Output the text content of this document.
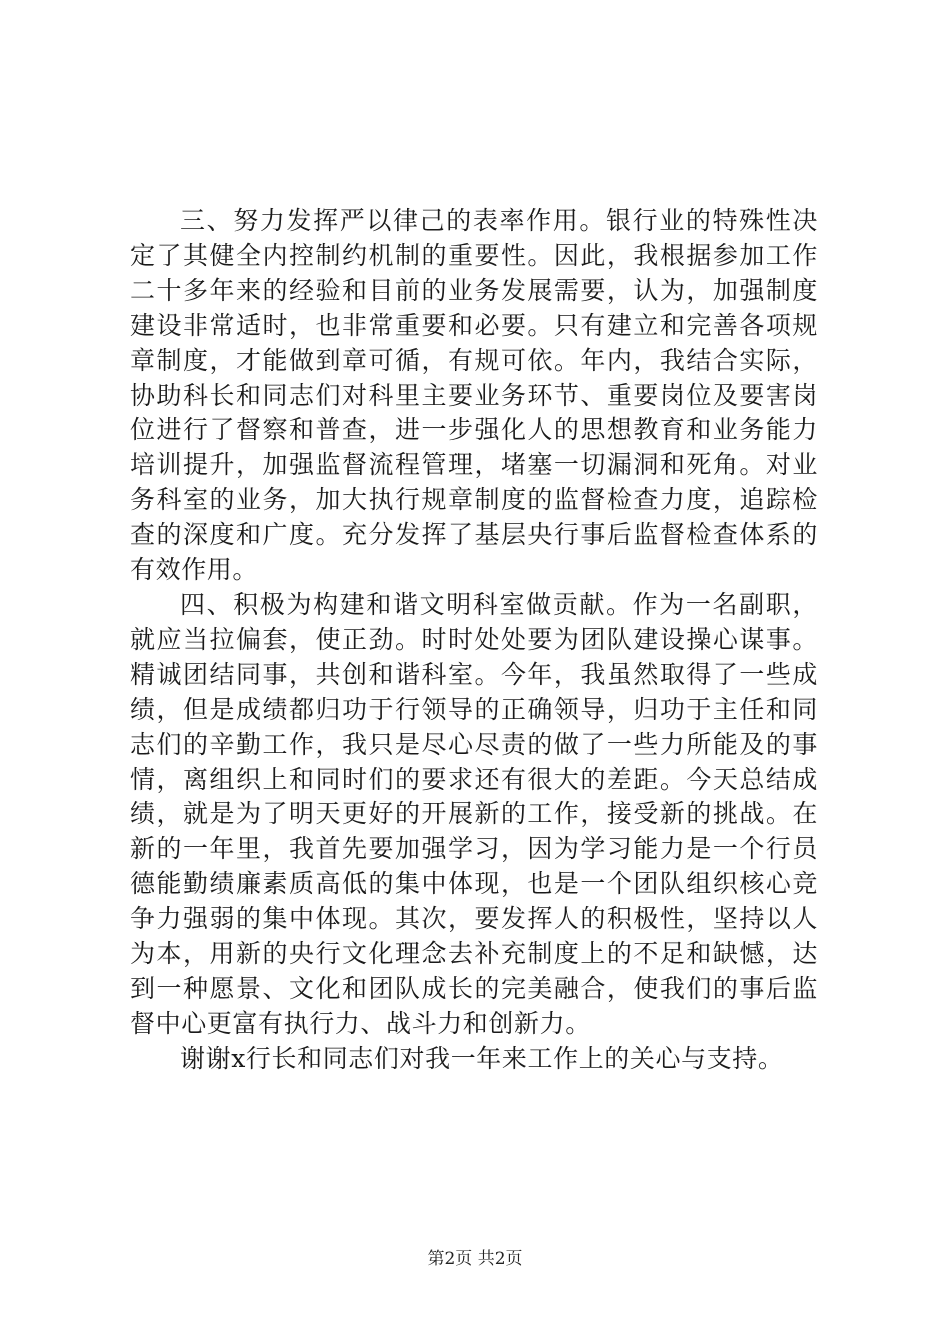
三、努力发挥严以律己的表率作用。银行业的特殊性决定了其健全内控制约机制的重要性。因此，我根据参加工作二十多年来的经验和目前的业务发展需要，认为，加强制度建设非常适时，也非常重要和必要。只有建立和完善各项规章制度，才能做到章可循，有规可依。年内，我结合实际，协助科长和同志们对科里主要业务环节、重要岗位及要害岗位进行了督察和普查，进一步强化人的思想教育和业务能力培训提升，加强监督流程管理，堵塞一切漏洞和死角。对业务科室的业务，加大执行规章制度的监督检查力度，追踪检查的深度和广度。充分发挥了基层央行事后监督检查体系的有效作用。

四、积极为构建和谐文明科室做贡献。作为一名副职，就应当拉偏套，使正劲。时时处处要为团队建设操心谋事。精诚团结同事，共创和谐科室。今年，我虽然取得了一些成绩，但是成绩都归功于行领导的正确领导，归功于主任和同志们的辛勤工作，我只是尽心尽责的做了一些力所能及的事情，离组织上和同时们的要求还有很大的差距。今天总结成绩，就是为了明天更好的开展新的工作，接受新的挑战。在新的一年里，我首先要加强学习，因为学习能力是一个行员德能勤绩廉素质高低的集中体现，也是一个团队组织核心竞争力强弱的集中体现。其次，要发挥人的积极性，坚持以人为本，用新的央行文化理念去补充制度上的不足和缺憾，达到一种愿景、文化和团队成长的完美融合，使我们的事后监督中心更富有执行力、战斗力和创新力。

谢谢x行长和同志们对我一年来工作上的关心与支持。

第2页 共2页
